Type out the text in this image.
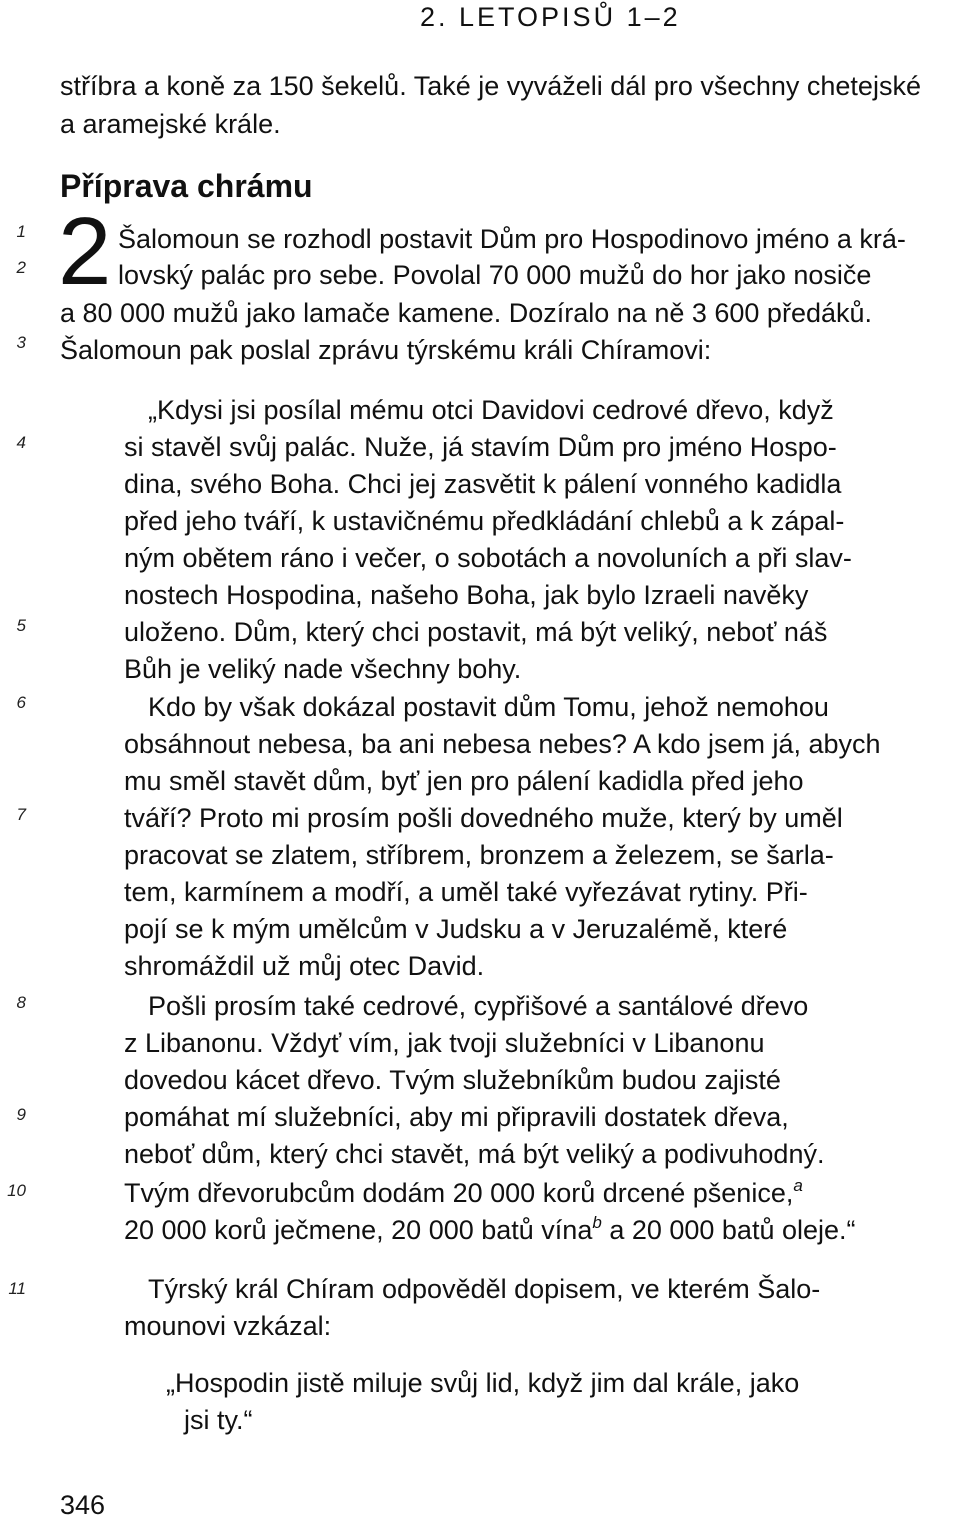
2. LETOPISŮ 1–2

346

1
2
3
4
5
6
7
8
9
10
11

stříbra a koně za 150 šekelů. Také je vyváželi dál pro všechny chetejské

a aramejské krále.

Příprava chrámu

2 Šalomoun se rozhodl postavit Dům pro Hospodinovo jméno a krá-

lovský palác pro sebe. Povolal 70 000 mužů do hor jako nosiče

a 80 000 mužů jako lamače kamene. Dozíralo na ně 3 600 předáků.

Šalomoun pak poslal zprávu týrskému králi Chíramovi:

„Kdysi jsi posílal mému otci Davidovi cedrové dřevo, když

si stavěl svůj palác. Nuže, já stavím Dům pro jméno Hospo-

dina, svého Boha. Chci jej zasvětit k pálení vonného kadidla

před jeho tváří, k ustavičnému předkládání chlebů a k zápal-

ným obětem ráno i večer, o sobotách a novoluních a při slav-

nostech Hospodina, našeho Boha, jak bylo Izraeli navěky

uloženo. Dům, který chci postavit, má být veliký, neboť náš

Bůh je veliký nade všechny bohy.

Kdo by však dokázal postavit dům Tomu, jehož nemohou

obsáhnout nebesa, ba ani nebesa nebes? A kdo jsem já, abych

mu směl stavět dům, byť jen pro pálení kadidla před jeho

tváří? Proto mi prosím pošli dovedného muže, který by uměl

pracovat se zlatem, stříbrem, bronzem a železem, se šarla-

tem, karmínem a modří, a uměl také vyřezávat rytiny. Při-

pojí se k mým umělcům v Judsku a v Jeruzalémě, které

shromáždil už můj otec David.

Pošli prosím také cedrové, cypřišové a santálové dřevo

z Libanonu. Vždyť vím, jak tvoji služebníci v Libanonu

dovedou kácet dřevo. Tvým služebníkům budou zajisté

pomáhat mí služebníci, aby mi připravili dostatek dřeva,

neboť dům, který chci stavět, má být veliký a podivuhodný.

Tvým dřevorubcům dodám 20 000 korů drcené pšenice,$^a$

20 000 korů ječmene, 20 000 batů vína$^b$ a 20 000 batů oleje.“

Týrský král Chíram odpověděl dopisem, ve kterém Šalo-

mounovi vzkázal:

„Hospodin jistě miluje svůj lid, když jim dal krále, jako

jsi ty.“
